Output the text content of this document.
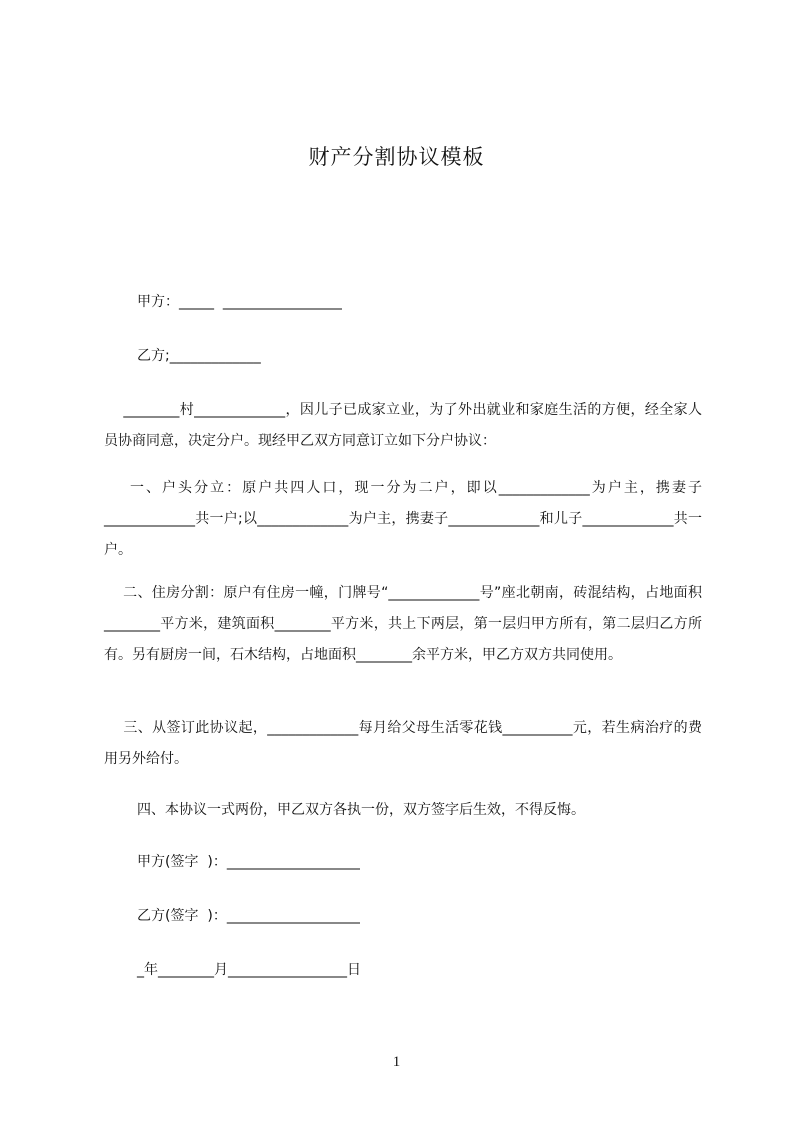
财产分割协议模板
甲方：_____  _________________
乙方;_____________
________村_____________，因儿子已成家立业，为了外出就业和家庭生活的方便，经全家人员协商同意，决定分户。现经甲乙双方同意订立如下分户协议：
一、户头分立：原户共四人口，现一分为二户，即以_____________为户主，携妻子_____________共一户;以_____________为户主，携妻子_____________和儿子_____________共一户。
二、住房分割：原户有住房一幢，门牌号“_____________号”座北朝南，砖混结构，占地面积________平方米，建筑面积________平方米，共上下两层，第一层归甲方所有，第二层归乙方所有。另有厨房一间，石木结构，占地面积________余平方米，甲乙方双方共同使用。
三、从签订此协议起，_____________每月给父母生活零花钱__________元，若生病治疗的费用另外给付。
四、本协议一式两份，甲乙双方各执一份，双方签字后生效，不得反悔。
甲方(签字  )：___________________
乙方(签字  )：___________________
_年________月_________________日
1
